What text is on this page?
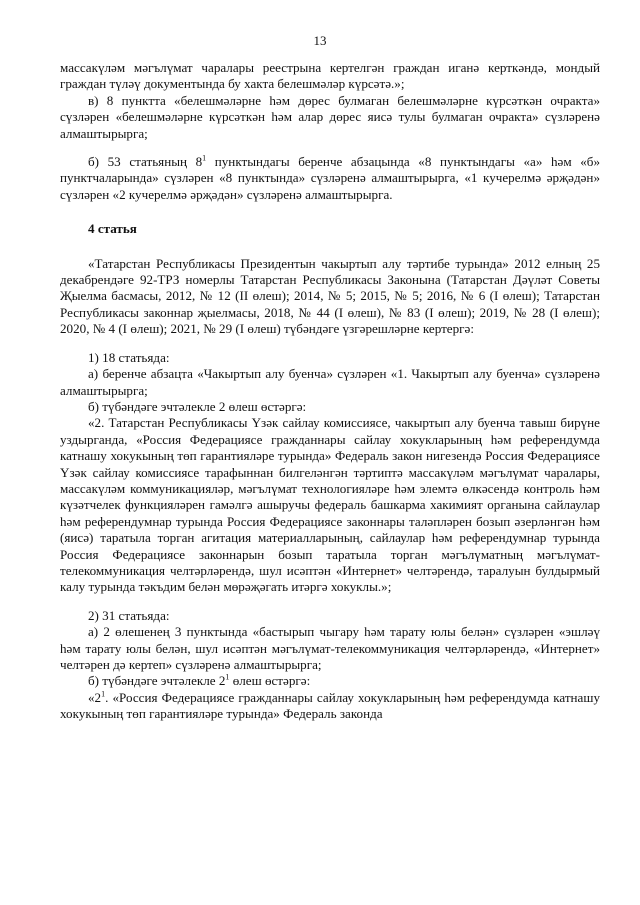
13

массакүләм мәгълүмат чаралары реестрына кертелгән граждан иганә керткәндә, мондый граждан түләү документында бу хакта белешмәләр күрсәтә.»;

в) 8 пунктта «белешмәләрне һәм дөрес булмаган белешмәләрне күрсәткән очракта» сүзләрен «белешмәләрне күрсәткән һәм алар дөрес яисә тулы булмаган очракта» сүзләренә алмаштырырга;

б) 53 статьяның $8^1$ пунктындагы беренче абзацында «8 пунктындагы «а» һәм «б» пунктчаларында» сүзләрен «8 пунктында» сүзләренә алмаштырырга, «1 кучерелмә әрҗәдән» сүзләрен «2 кучерелмә әрҗәдән» сүзләренә алмаштырырга.

4 статья

«Татарстан Республикасы Президентын чакыртып алу тәртибе турында» 2012 елның 25 декабрендәге 92-ТРЗ номерлы Татарстан Республикасы Законына (Татарстан Дәүләт Советы Җыелма басмасы, 2012, № 12 (II өлеш); 2014, № 5; 2015, № 5; 2016, № 6 (I өлеш); Татарстан Республикасы законнар җыелмасы, 2018, № 44 (I өлеш), № 83 (I өлеш); 2019, № 28 (I өлеш); 2020, № 4 (I өлеш); 2021, № 29 (I өлеш) түбәндәге үзгәрешләрне кертергә:

1) 18 статьяда:

а) беренче абзацта «Чакыртып алу буенча» сүзләрен «1. Чакыртып алу буенча» сүзләренә алмаштырырга;

б) түбәндәге эчтәлекле 2 өлеш өстәргә:

«2. Татарстан Республикасы Үзәк сайлау комиссиясе, чакыртып алу буенча тавыш бирүне уздырганда, «Россия Федерациясе гражданнары сайлау хокукларының һәм референдумда катнашу хокукының төп гарантияләре турында» Федераль закон нигезендә Россия Федерациясе Үзәк сайлау комиссиясе тарафыннан билгеләнгән тәртиптә массакүләм мәгълүмат чаралары, массакүләм коммуникацияләр, мәгълүмат технологияләре һәм элемтә өлкәсендә контроль һәм күзәтчелек функцияләрен гамәлгә ашыручы федераль башкарма хакимият органына сайлаулар һәм референдумнар турында Россия Федерациясе законнары таләпләрен бозып әзерләнгән һәм (яисә) таратыла торган агитация материалларының, сайлаулар һәм референдумнар турында Россия Федерациясе законнарын бозып таратыла торган мәгълүматның мәгълүмат-телекоммуникация челтәрләрендә, шул исәптән «Интернет» челтәрендә, таралуын булдырмый калу турында тәкъдим белән мөрәҗәгать итәргә хокуклы.»;

2) 31 статьяда:

а) 2 өлешенең 3 пунктында «бастырып чыгару һәм тарату юлы белән» сүзләрен «эшләү һәм тарату юлы белән, шул исәптән мәгълүмат-телекоммуникация челтәрләрендә, «Интернет» челтәрен дә кертеп» сүзләренә алмаштырырга;

б) түбәндәге эчтәлекле $2^1$ өлеш өстәргә:

«$2^1$. «Россия Федерациясе гражданнары сайлау хокукларының һәм референдумда катнашу хокукының төп гарантияләре турында» Федераль законда
